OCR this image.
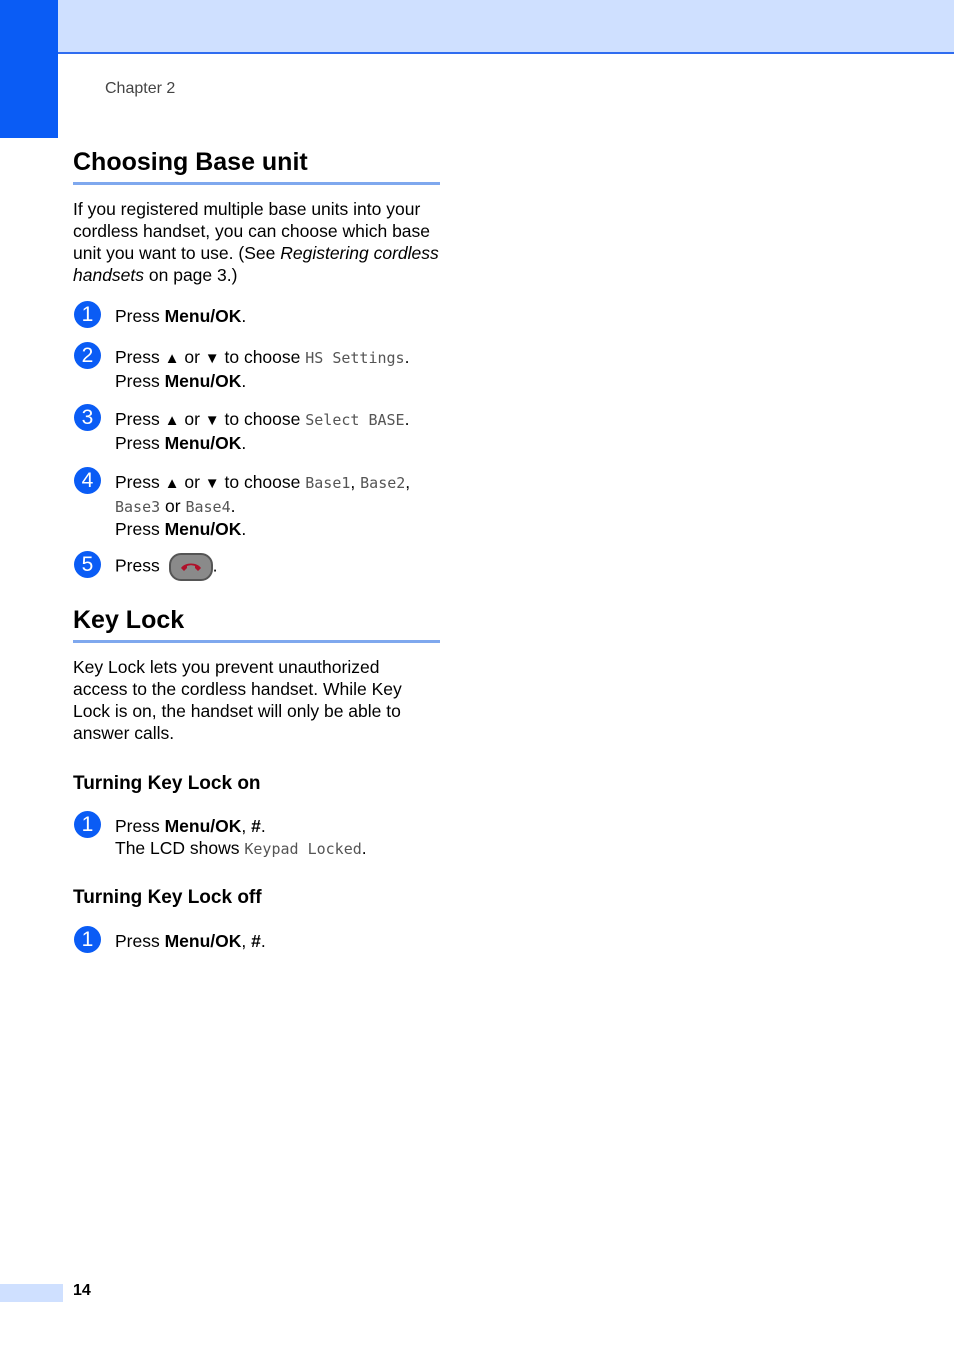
Chapter 2
Choosing Base unit
If you registered multiple base units into your cordless handset, you can choose which base unit you want to use. (See Registering cordless handsets on page 3.)
1	Press Menu/OK.
2	Press ▲ or ▼ to choose HS Settings.
Press Menu/OK.
3	Press ▲ or ▼ to choose Select BASE.
Press Menu/OK.
4	Press ▲ or ▼ to choose Base1, Base2,
Base3 or Base4.
Press Menu/OK.
5	Press	.
Key Lock
Key Lock lets you prevent unauthorized access to the cordless handset. While Key Lock is on, the handset will only be able to answer calls.
Turning Key Lock on
1	Press Menu/OK, #.
The LCD shows Keypad Locked.
Turning Key Lock off
1	Press Menu/OK, #.
14
